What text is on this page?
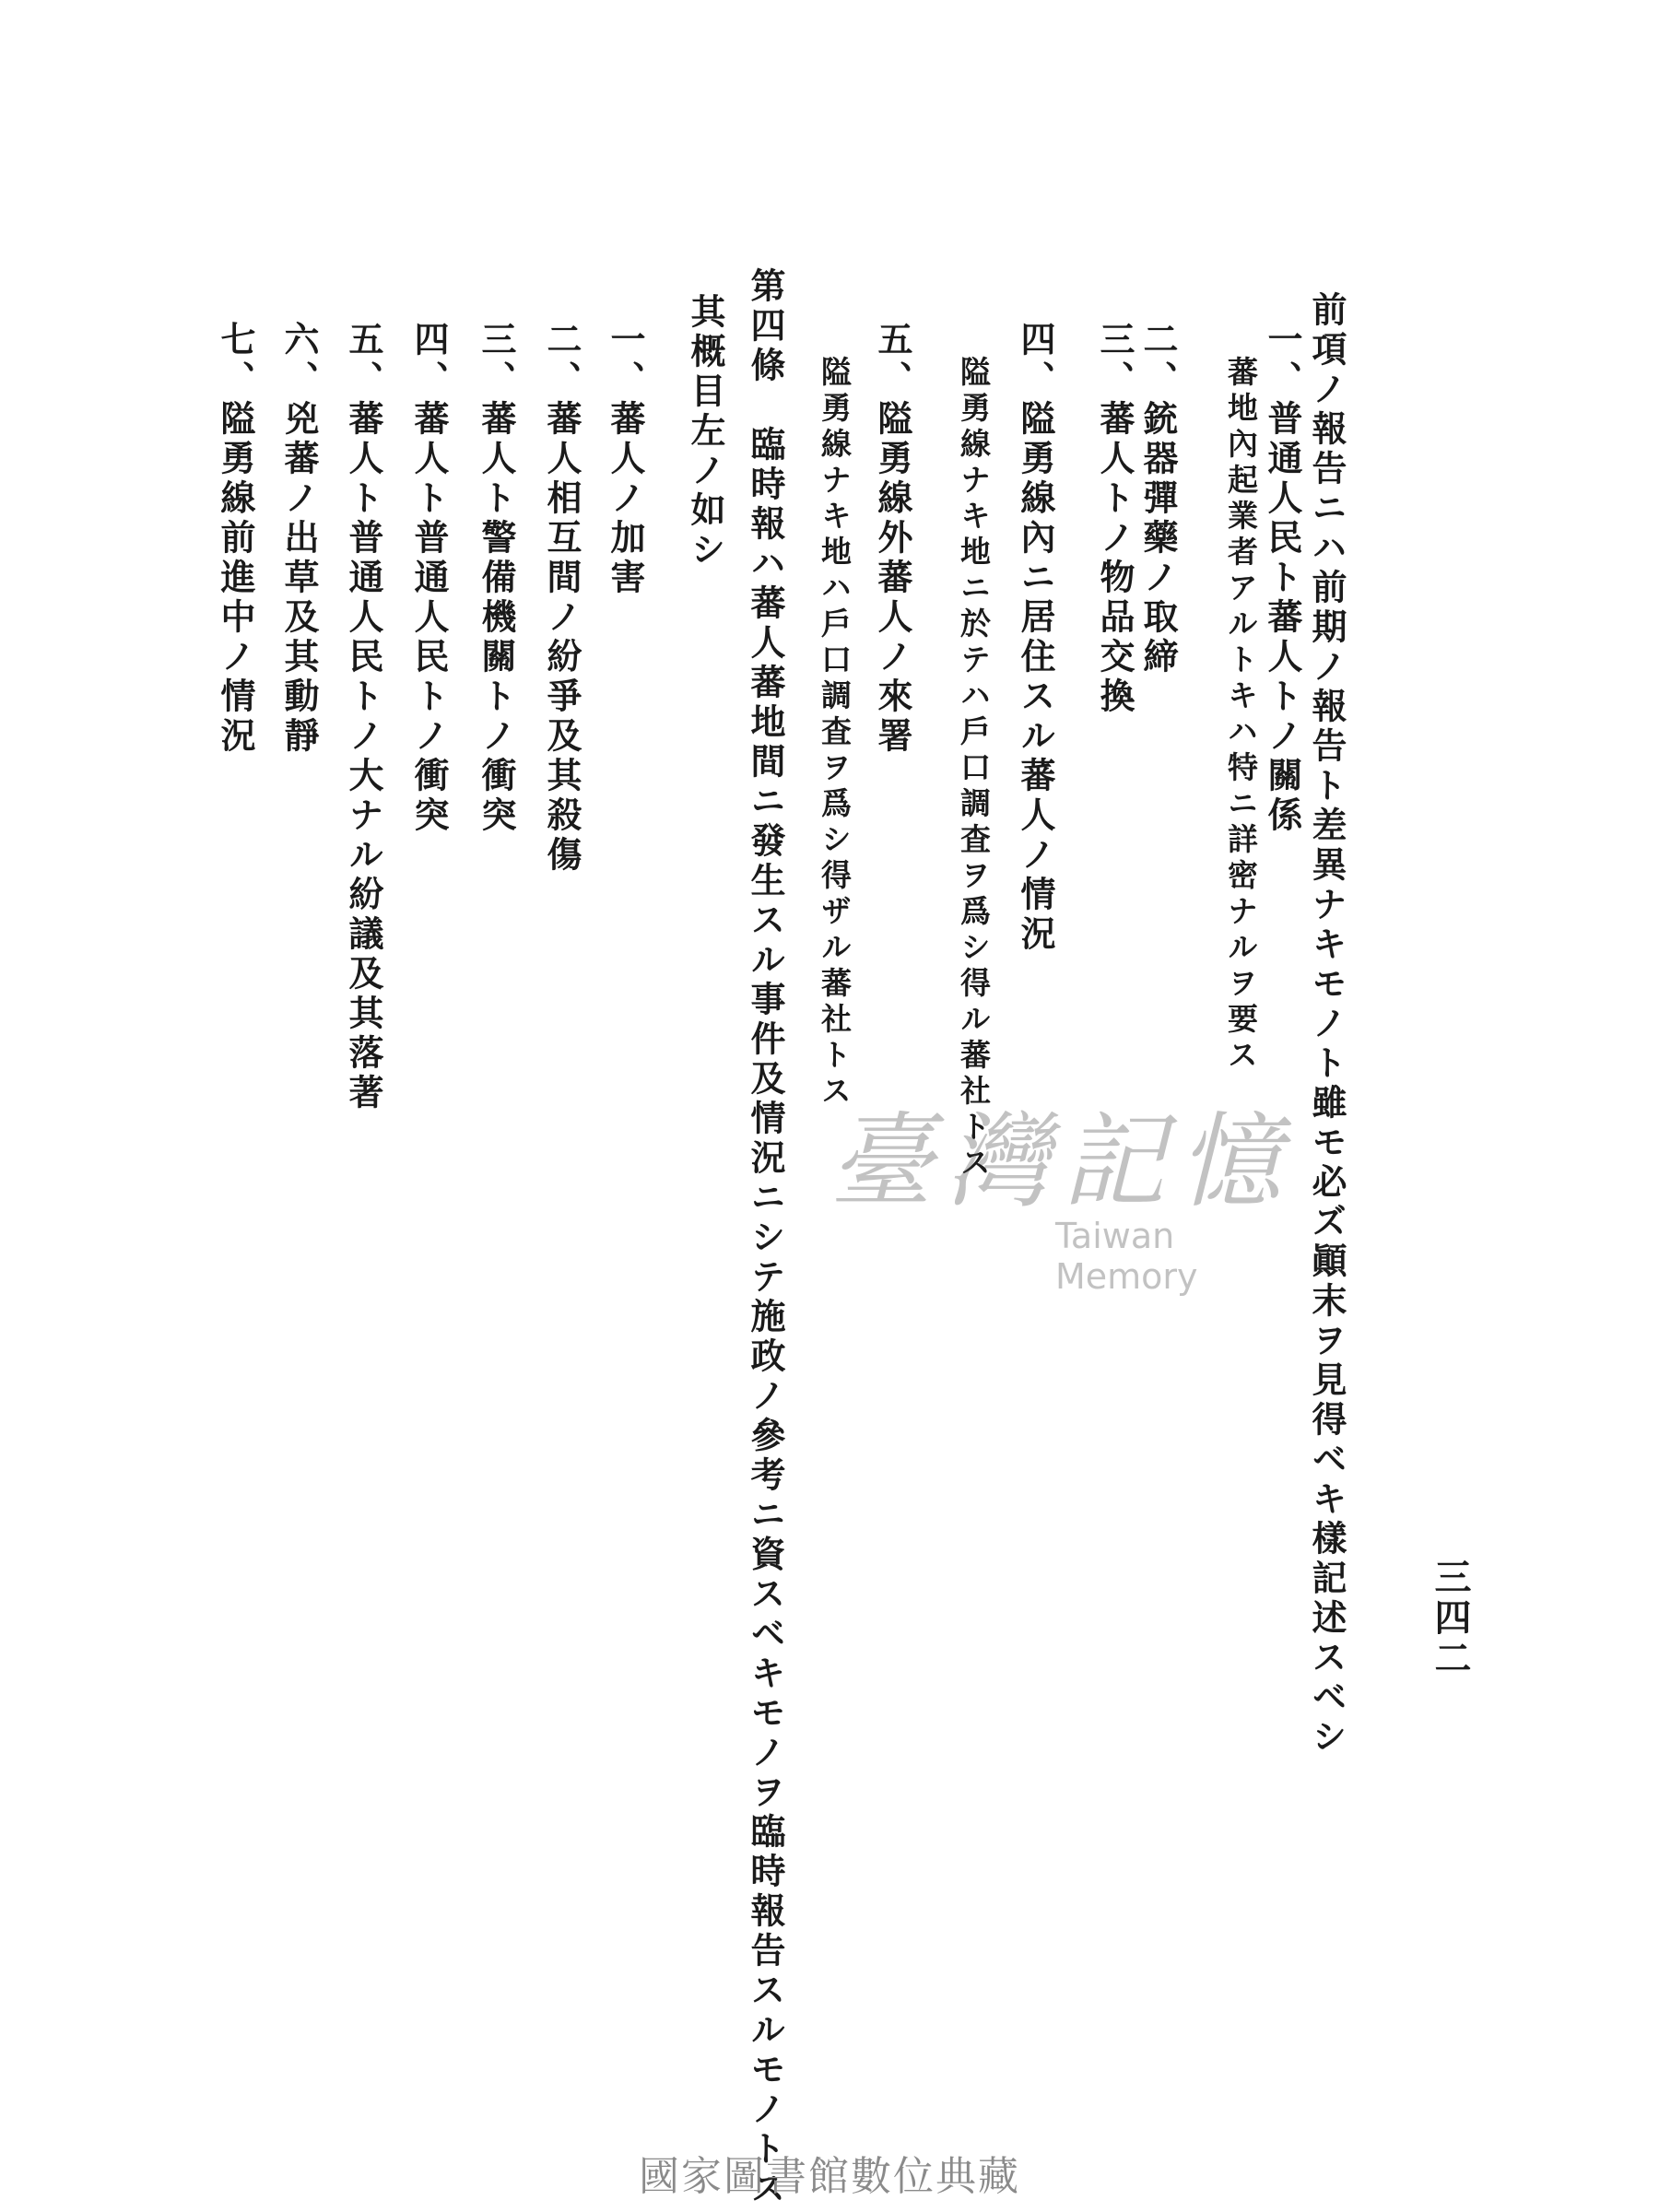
三四二
前項ノ報告ニハ前期ノ報告ト差異ナキモノト雖モ必ズ顚末ヲ見得ベキ樣記述スベシ
一、普通人民ト蕃人トノ關係
蕃地內起業者アルトキハ特ニ詳密ナルヲ要ス
二、銃器彈藥ノ取締
三、蕃人トノ物品交換
四、隘勇線內ニ居住スル蕃人ノ情況
隘勇線ナキ地ニ於テハ戶口調査ヲ爲シ得ル蕃社トス
五、隘勇線外蕃人ノ來署
隘勇線ナキ地ハ戶口調査ヲ爲シ得ザル蕃社トス
第四條　臨時報ハ蕃人蕃地間ニ發生スル事件及情況ニシテ施政ノ參考ニ資スベキモノヲ臨時報告スルモノトス
其概目左ノ如シ
一、蕃人ノ加害
二、蕃人相互間ノ紛爭及其殺傷
三、蕃人ト警備機關トノ衝突
四、蕃人ト普通人民トノ衝突
五、蕃人ト普通人民トノ大ナル紛議及其落著
六、兇蕃ノ出草及其動靜
七、隘勇線前進中ノ情況
臺灣記憶
Taiwan Memory
國家圖書館數位典藏
